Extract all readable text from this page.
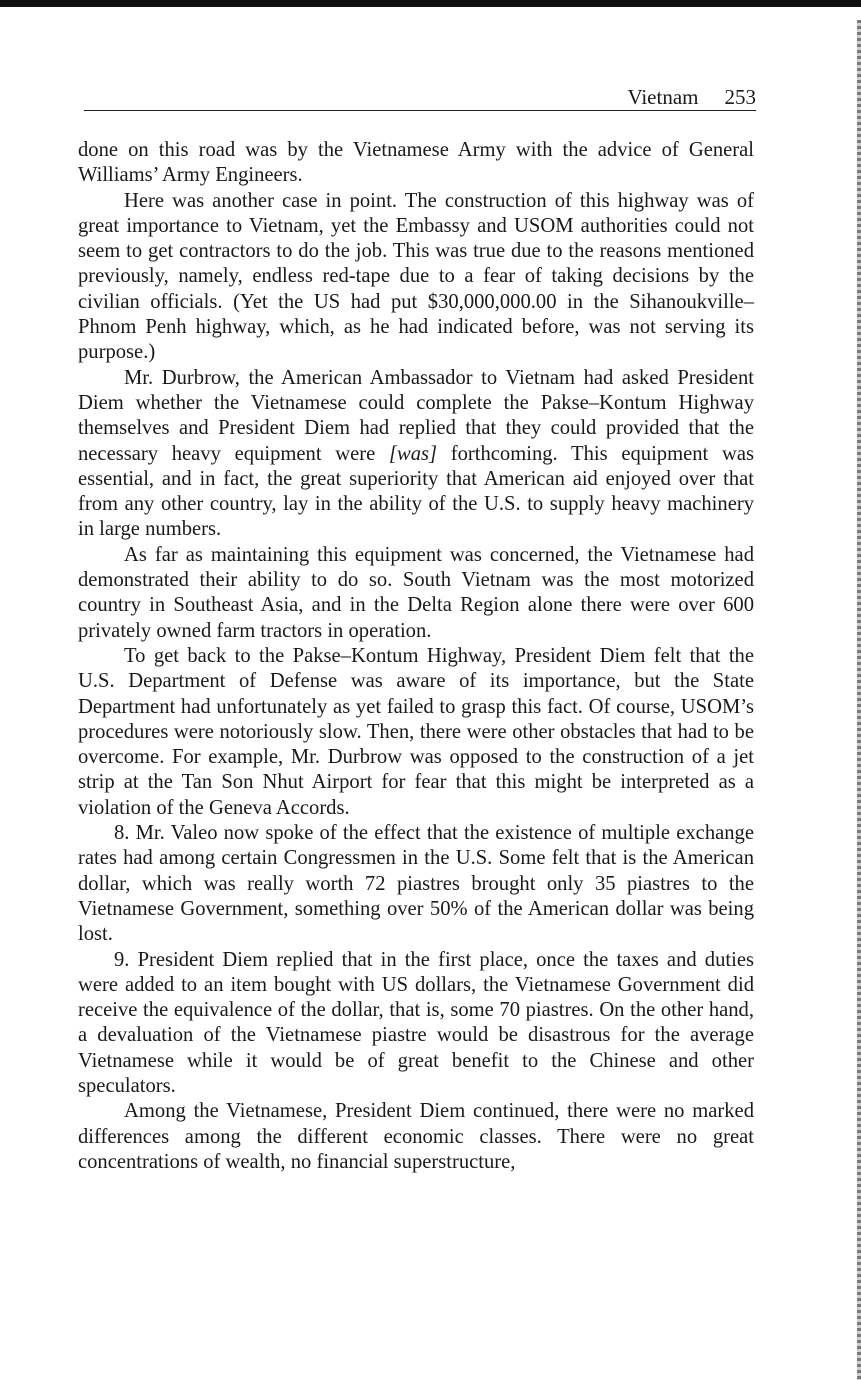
Vietnam 253

done on this road was by the Vietnamese Army with the advice of General Williams’ Army Engineers.

Here was another case in point. The construction of this highway was of great importance to Vietnam, yet the Embassy and USOM authorities could not seem to get contractors to do the job. This was true due to the reasons mentioned previously, namely, endless red-tape due to a fear of taking decisions by the civilian officials. (Yet the US had put $30,000,000.00 in the Sihanoukville–Phnom Penh highway, which, as he had indicated before, was not serving its purpose.)

Mr. Durbrow, the American Ambassador to Vietnam had asked President Diem whether the Vietnamese could complete the Pakse–Kontum Highway themselves and President Diem had replied that they could provided that the necessary heavy equipment were [was] forthcoming. This equipment was essential, and in fact, the great superiority that American aid enjoyed over that from any other country, lay in the ability of the U.S. to supply heavy machinery in large numbers.

As far as maintaining this equipment was concerned, the Vietnamese had demonstrated their ability to do so. South Vietnam was the most motorized country in Southeast Asia, and in the Delta Region alone there were over 600 privately owned farm tractors in operation.

To get back to the Pakse–Kontum Highway, President Diem felt that the U.S. Department of Defense was aware of its importance, but the State Department had unfortunately as yet failed to grasp this fact. Of course, USOM’s procedures were notoriously slow. Then, there were other obstacles that had to be overcome. For example, Mr. Durbrow was opposed to the construction of a jet strip at the Tan Son Nhut Airport for fear that this might be interpreted as a violation of the Geneva Accords.

8. Mr. Valeo now spoke of the effect that the existence of multiple exchange rates had among certain Congressmen in the U.S. Some felt that is the American dollar, which was really worth 72 piastres brought only 35 piastres to the Vietnamese Government, something over 50% of the American dollar was being lost.

9. President Diem replied that in the first place, once the taxes and duties were added to an item bought with US dollars, the Vietnamese Government did receive the equivalence of the dollar, that is, some 70 piastres. On the other hand, a devaluation of the Vietnamese piastre would be disastrous for the average Vietnamese while it would be of great benefit to the Chinese and other speculators.

Among the Vietnamese, President Diem continued, there were no marked differences among the different economic classes. There were no great concentrations of wealth, no financial superstructure,
